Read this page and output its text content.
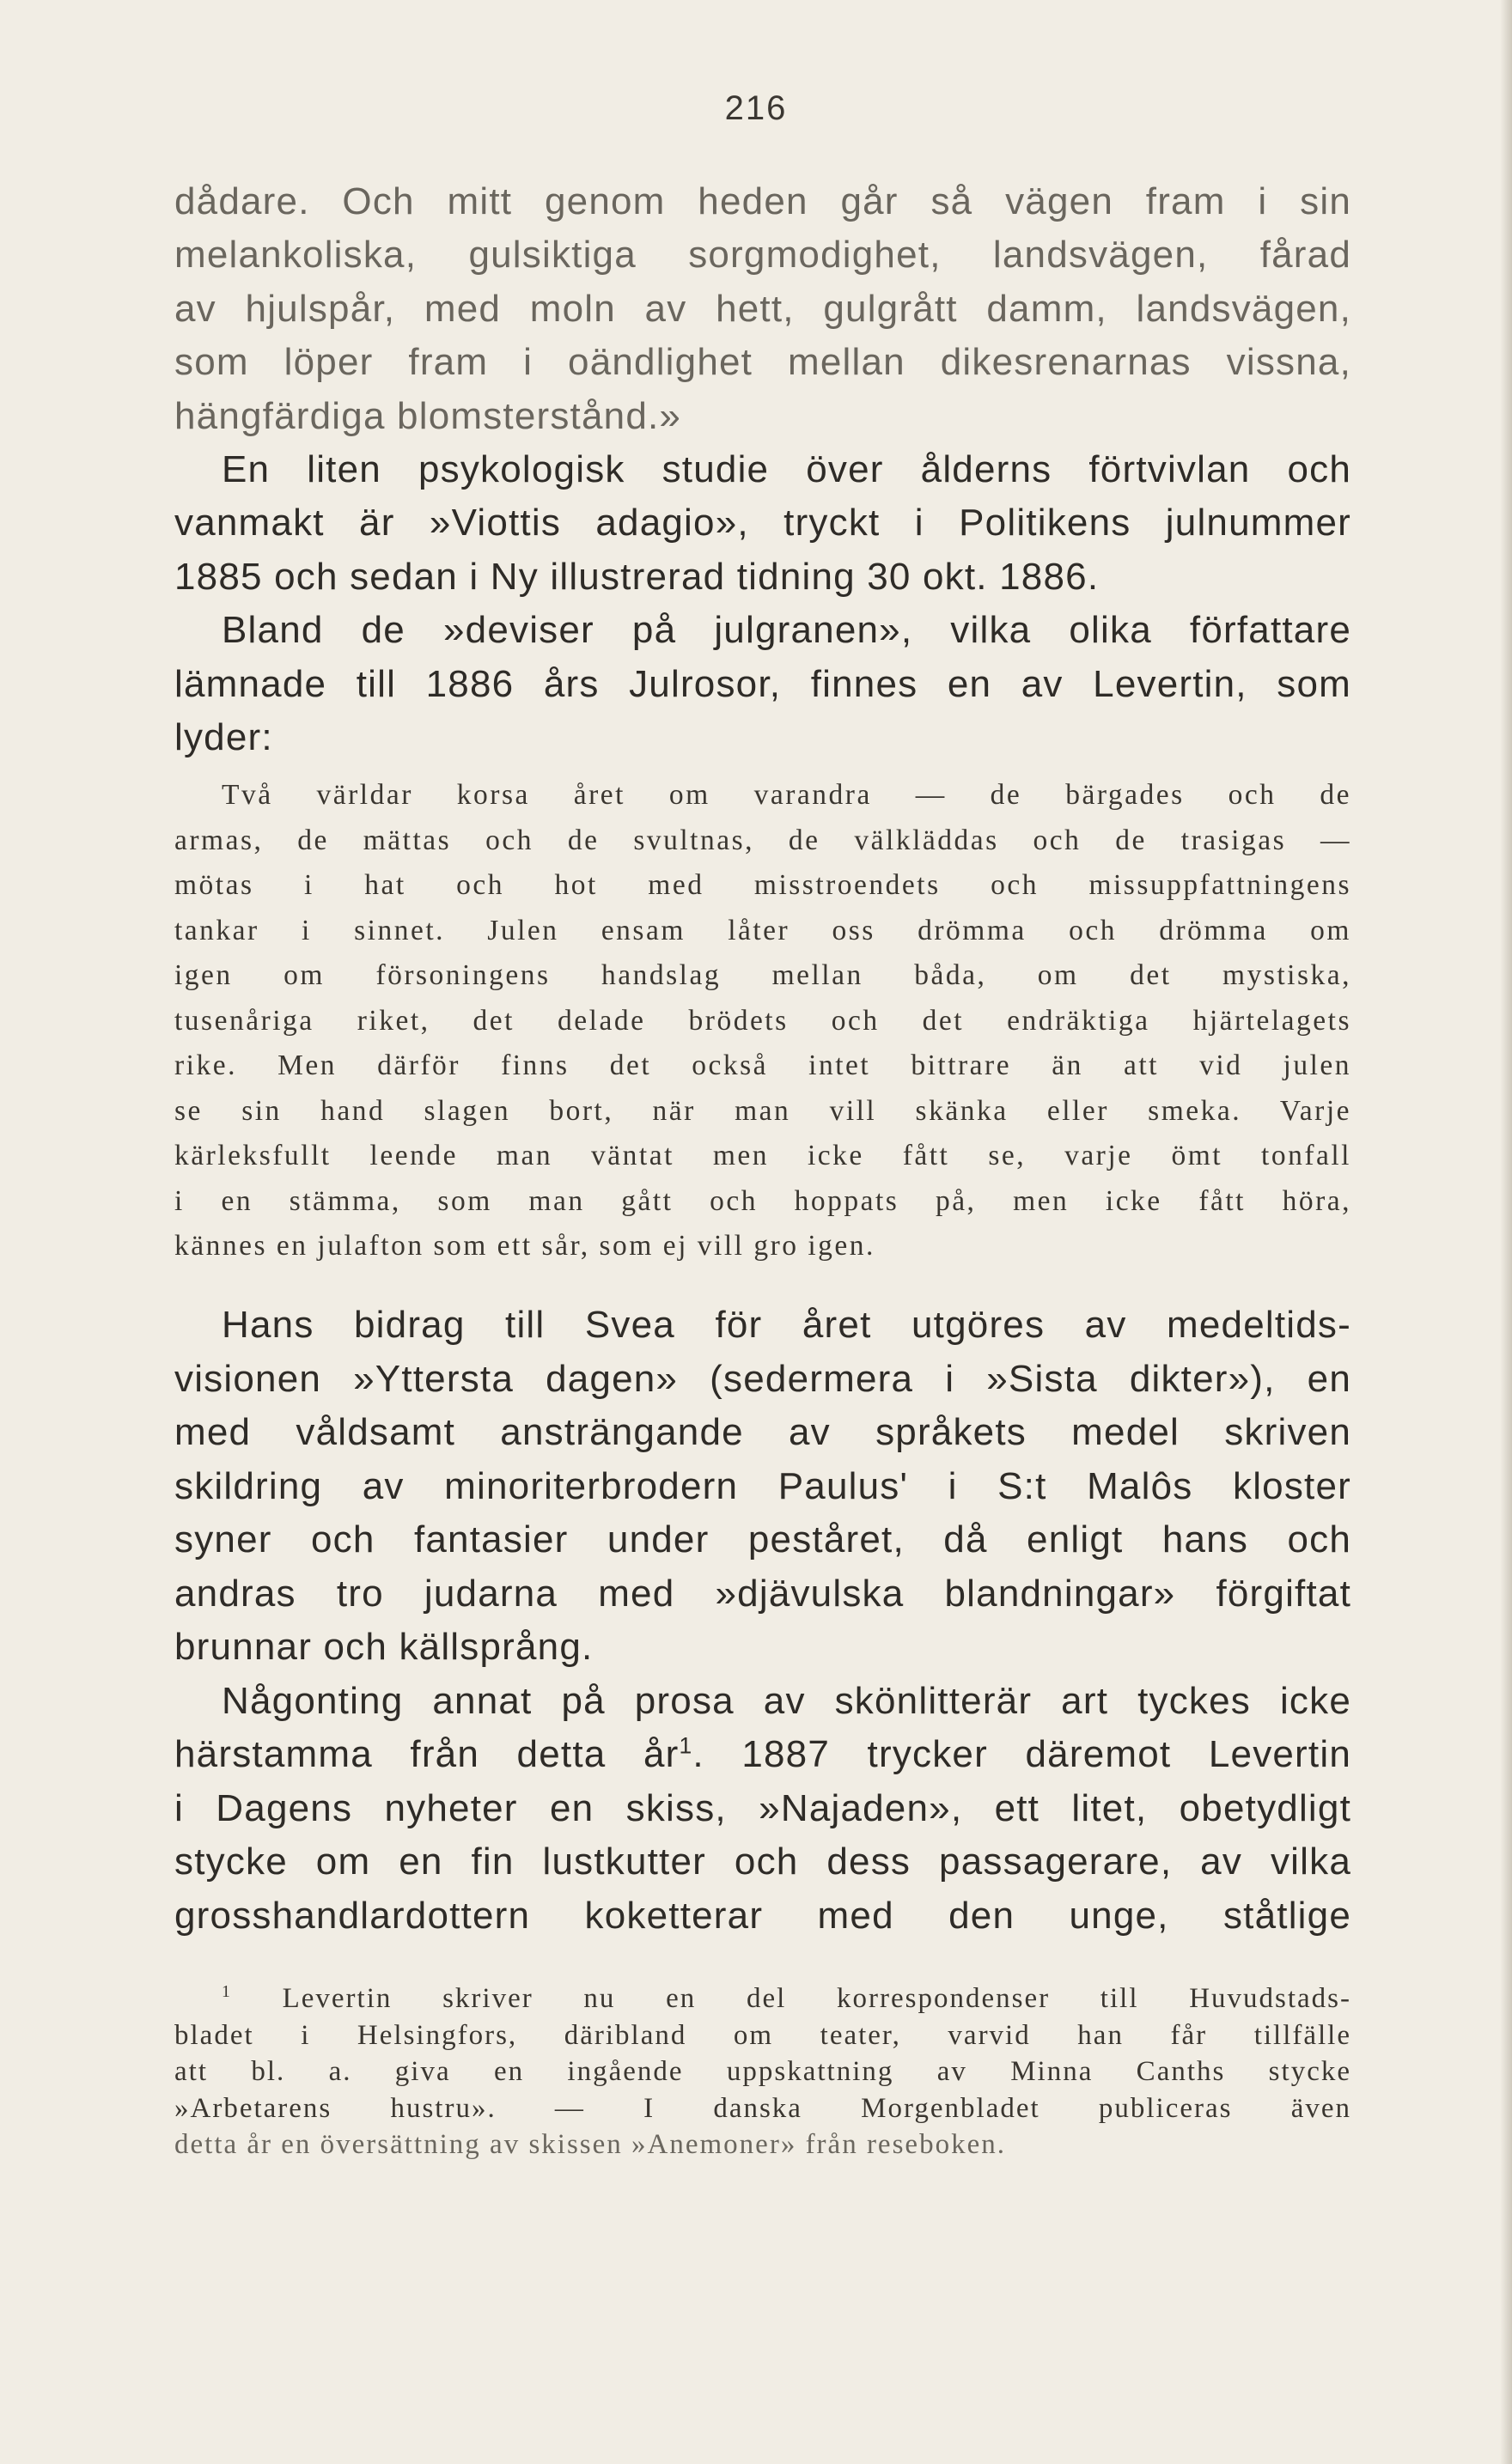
216
dådare. Och mitt genom heden går så vägen fram i sin
melankoliska, gulsiktiga sorgmodighet, landsvägen, fårad
av hjulspår, med moln av hett, gulgrått damm, landsvägen,
som löper fram i oändlighet mellan dikesrenarnas vissna,
hängfärdiga blomsterstånd.»
En liten psykologisk studie över ålderns förtvivlan och
vanmakt är »Viottis adagio», tryckt i Politikens julnummer
1885 och sedan i Ny illustrerad tidning 30 okt. 1886.
Bland de »deviser på julgranen», vilka olika författare
lämnade till 1886 års Julrosor, finnes en av Levertin, som
lyder:
Två världar korsa året om varandra — de bärgades och de
armas, de mättas och de svultnas, de välkläddas och de trasigas —
mötas i hat och hot med misstroendets och missuppfattningens
tankar i sinnet. Julen ensam låter oss drömma och drömma om
igen om försoningens handslag mellan båda, om det mystiska,
tusenåriga riket, det delade brödets och det endräktiga hjärtelagets
rike. Men därför finns det också intet bittrare än att vid julen
se sin hand slagen bort, när man vill skänka eller smeka. Varje
kärleksfullt leende man väntat men icke fått se, varje ömt tonfall
i en stämma, som man gått och hoppats på, men icke fått höra,
kännes en julafton som ett sår, som ej vill gro igen.
Hans bidrag till Svea för året utgöres av medeltids-
visionen »Yttersta dagen» (sedermera i »Sista dikter»), en
med våldsamt ansträngande av språkets medel skriven
skildring av minoriterbrodern Paulus' i S:t Malôs kloster
syner och fantasier under peståret, då enligt hans och
andras tro judarna med »djävulska blandningar» förgiftat
brunnar och källsprång.
Någonting annat på prosa av skönlitterär art tyckes icke
härstamma från detta $år^1$. 1887 trycker däremot Levertin
i Dagens nyheter en skiss, »Najaden», ett litet, obetydligt
stycke om en fin lustkutter och dess passagerare, av vilka
grosshandlardottern koketterar med den unge, ståtlige
$^1$ Levertin skriver nu en del korrespondenser till Huvudstads-
bladet i Helsingfors, däribland om teater, varvid han får tillfälle
att bl. a. giva en ingående uppskattning av Minna Canths stycke
»Arbetarens hustru». — I danska Morgenbladet publiceras även
detta år en översättning av skissen »Anemoner» från reseboken.
